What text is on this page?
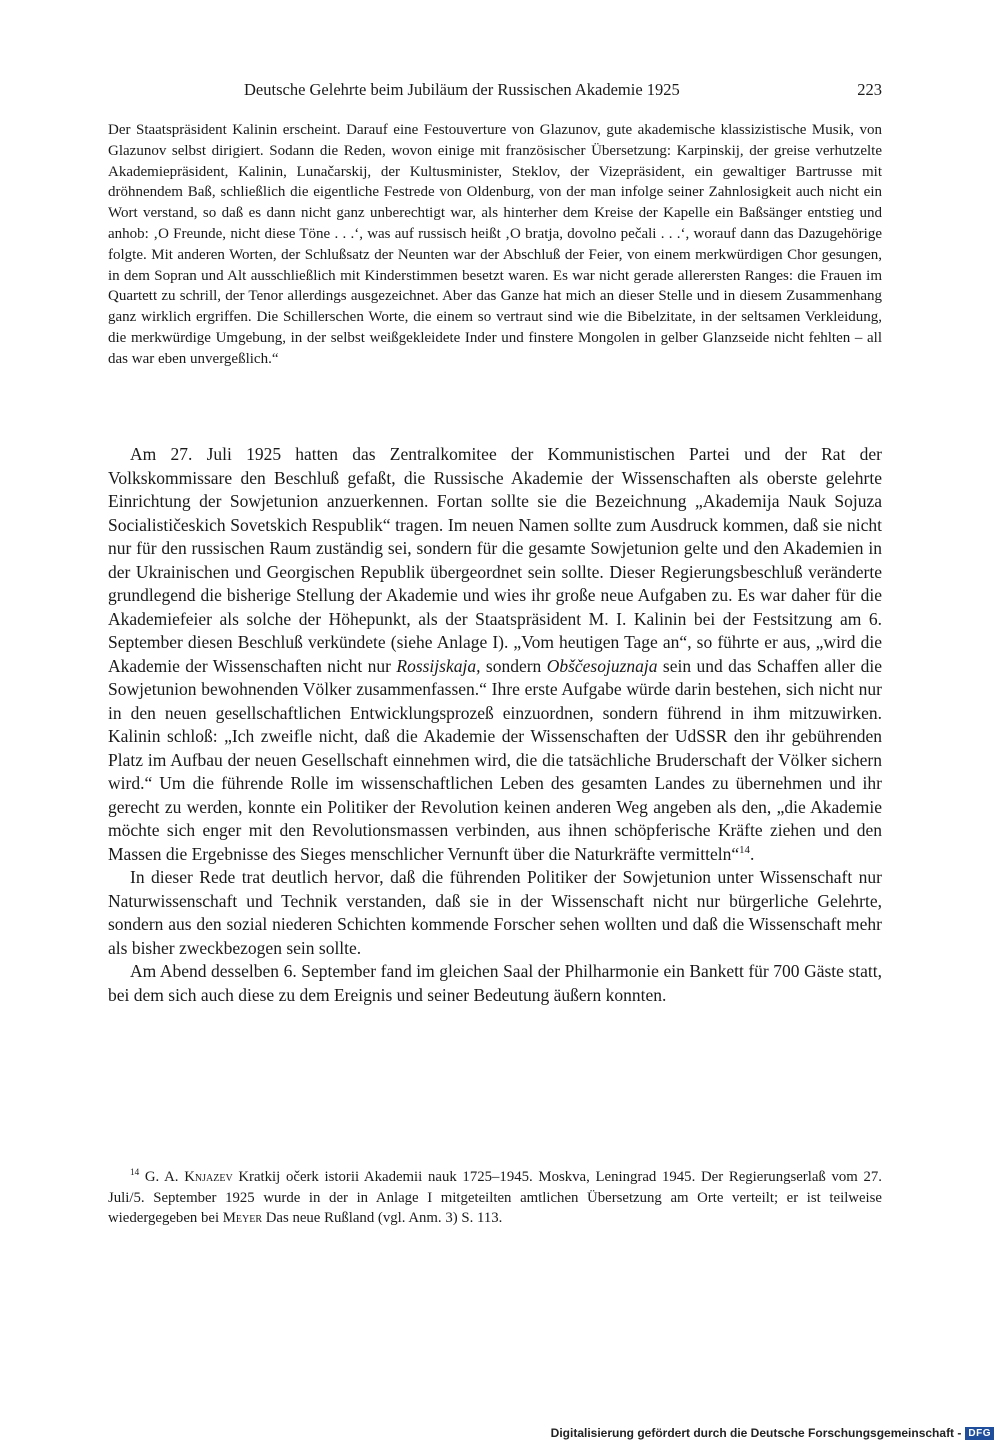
Deutsche Gelehrte beim Jubiläum der Russischen Akademie 1925	223

Der Staatspräsident Kalinin erscheint. Darauf eine Festouverture von Glazunov, gute akademische klassizistische Musik, von Glazunov selbst dirigiert. Sodann die Reden, wovon einige mit französischer Übersetzung: Karpinskij, der greise verhutzelte Akademiepräsident, Kalinin, Lunačarskij, der Kultusminister, Steklov, der Vizepräsident, ein gewaltiger Bartrusse mit dröhnendem Baß, schließlich die eigentliche Festrede von Oldenburg, von der man infolge seiner Zahnlosigkeit auch nicht ein Wort verstand, so daß es dann nicht ganz unberechtigt war, als hinterher dem Kreise der Kapelle ein Baßsänger entstieg und anhob: ‚O Freunde, nicht diese Töne . . .‘, was auf russisch heißt ‚O bratja, dovolno pečali . . .‘, worauf dann das Dazugehörige folgte. Mit anderen Worten, der Schlußsatz der Neunten war der Abschluß der Feier, von einem merkwürdigen Chor gesungen, in dem Sopran und Alt ausschließlich mit Kinderstimmen besetzt waren. Es war nicht gerade allerersten Ranges: die Frauen im Quartett zu schrill, der Tenor allerdings ausgezeichnet. Aber das Ganze hat mich an dieser Stelle und in diesem Zusammenhang ganz wirklich ergriffen. Die Schillerschen Worte, die einem so vertraut sind wie die Bibelzitate, in der seltsamen Verkleidung, die merkwürdige Umgebung, in der selbst weißgekleidete Inder und finstere Mongolen in gelber Glanzseide nicht fehlten – all das war eben unvergeßlich.“

Am 27. Juli 1925 hatten das Zentralkomitee der Kommunistischen Partei und der Rat der Volkskommissare den Beschluß gefaßt, die Russische Akademie der Wissenschaften als oberste gelehrte Einrichtung der Sowjetunion anzuerkennen. Fortan sollte sie die Bezeichnung „Akademija Nauk Sojuza Socialističeskich Sovetskich Respublik“ tragen. Im neuen Namen sollte zum Ausdruck kommen, daß sie nicht nur für den russischen Raum zuständig sei, sondern für die gesamte Sowjetunion gelte und den Akademien in der Ukrainischen und Georgischen Republik übergeordnet sein sollte. Dieser Regierungsbeschluß veränderte grundlegend die bisherige Stellung der Akademie und wies ihr große neue Aufgaben zu. Es war daher für die Akademiefeier als solche der Höhepunkt, als der Staatspräsident M. I. Kalinin bei der Festsitzung am 6. September diesen Beschluß verkündete (siehe Anlage I). „Vom heutigen Tage an“, so führte er aus, „wird die Akademie der Wissenschaften nicht nur Rossijskaja, sondern Obščesojuznaja sein und das Schaffen aller die Sowjetunion bewohnenden Völker zusammenfassen.“ Ihre erste Aufgabe würde darin bestehen, sich nicht nur in den neuen gesellschaftlichen Entwicklungsprozeß einzuordnen, sondern führend in ihm mitzuwirken. Kalinin schloß: „Ich zweifle nicht, daß die Akademie der Wissenschaften der UdSSR den ihr gebührenden Platz im Aufbau der neuen Gesellschaft einnehmen wird, die die tatsächliche Bruderschaft der Völker sichern wird.“ Um die führende Rolle im wissenschaftlichen Leben des gesamten Landes zu übernehmen und ihr gerecht zu werden, konnte ein Politiker der Revolution keinen anderen Weg angeben als den, „die Akademie möchte sich enger mit den Revolutionsmassen verbinden, aus ihnen schöpferische Kräfte ziehen und den Massen die Ergebnisse des Sieges menschlicher Vernunft über die Naturkräfte vermitteln“$^{14}$.

In dieser Rede trat deutlich hervor, daß die führenden Politiker der Sowjetunion unter Wissenschaft nur Naturwissenschaft und Technik verstanden, daß sie in der Wissenschaft nicht nur bürgerliche Gelehrte, sondern aus den sozial niederen Schichten kommende Forscher sehen wollten und daß die Wissenschaft mehr als bisher zweckbezogen sein sollte.

Am Abend desselben 6. September fand im gleichen Saal der Philharmonie ein Bankett für 700 Gäste statt, bei dem sich auch diese zu dem Ereignis und seiner Bedeutung äußern konnten.

$^{14}$ G. A. Knjazev Kratkij očerk istorii Akademii nauk 1725–1945. Moskva, Leningrad 1945. Der Regierungserlaß vom 27. Juli/5. September 1925 wurde in der in Anlage I mitgeteilten amtlichen Übersetzung am Orte verteilt; er ist teilweise wiedergegeben bei Meyer Das neue Rußland (vgl. Anm. 3) S. 113.

Digitalisierung gefördert durch die Deutsche Forschungsgemeinschaft - DFG
